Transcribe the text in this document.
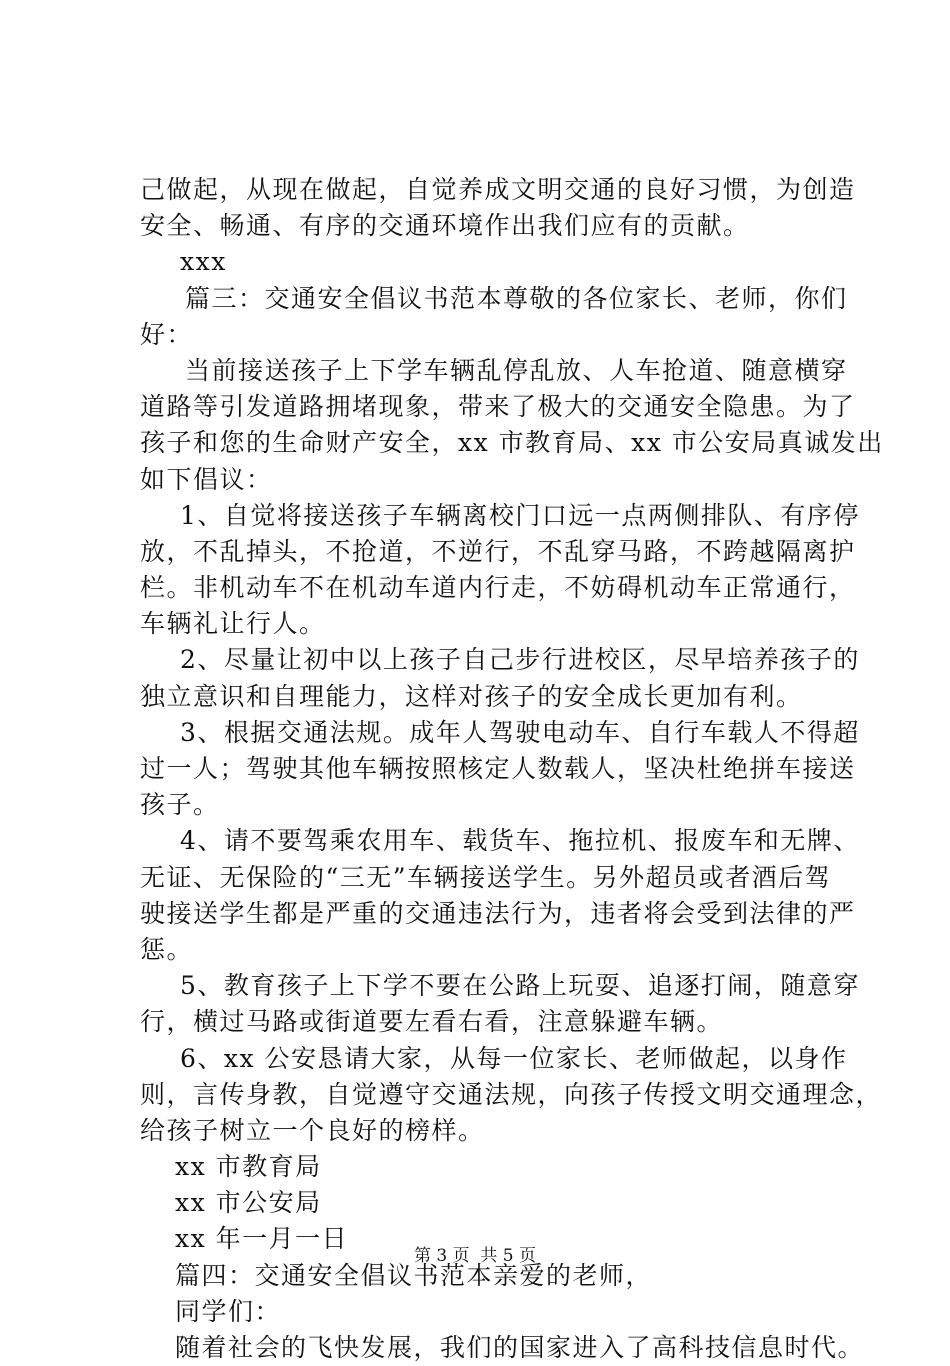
己做起，从现在做起，自觉养成文明交通的良好习惯，为创造
安全、畅通、有序的交通环境作出我们应有的贡献。
xxx
篇三：交通安全倡议书范本尊敬的各位家长、老师，你们
好：
当前接送孩子上下学车辆乱停乱放、人车抢道、随意横穿
道路等引发道路拥堵现象，带来了极大的交通安全隐患。为了
孩子和您的生命财产安全，xx 市教育局、xx 市公安局真诚发出
如下倡议：
1、自觉将接送孩子车辆离校门口远一点两侧排队、有序停
放，不乱掉头，不抢道，不逆行，不乱穿马路，不跨越隔离护
栏。非机动车不在机动车道内行走，不妨碍机动车正常通行，
车辆礼让行人。
2、尽量让初中以上孩子自己步行进校区，尽早培养孩子的
独立意识和自理能力，这样对孩子的安全成长更加有利。
3、根据交通法规。成年人驾驶电动车、自行车载人不得超
过一人；驾驶其他车辆按照核定人数载人，坚决杜绝拼车接送
孩子。
4、请不要驾乘农用车、载货车、拖拉机、报废车和无牌、
无证、无保险的“三无”车辆接送学生。另外超员或者酒后驾
驶接送学生都是严重的交通违法行为，违者将会受到法律的严
惩。
5、教育孩子上下学不要在公路上玩耍、追逐打闹，随意穿
行，横过马路或街道要左看右看，注意躲避车辆。
6、xx 公安恳请大家，从每一位家长、老师做起，以身作
则，言传身教，自觉遵守交通法规，向孩子传授文明交通理念，
给孩子树立一个良好的榜样。
xx 市教育局
xx 市公安局
xx 年一月一日
篇四：交通安全倡议书范本亲爱的老师，
同学们：
随着社会的飞快发展，我们的国家进入了高科技信息时代。
第 3 页  共 5 页
